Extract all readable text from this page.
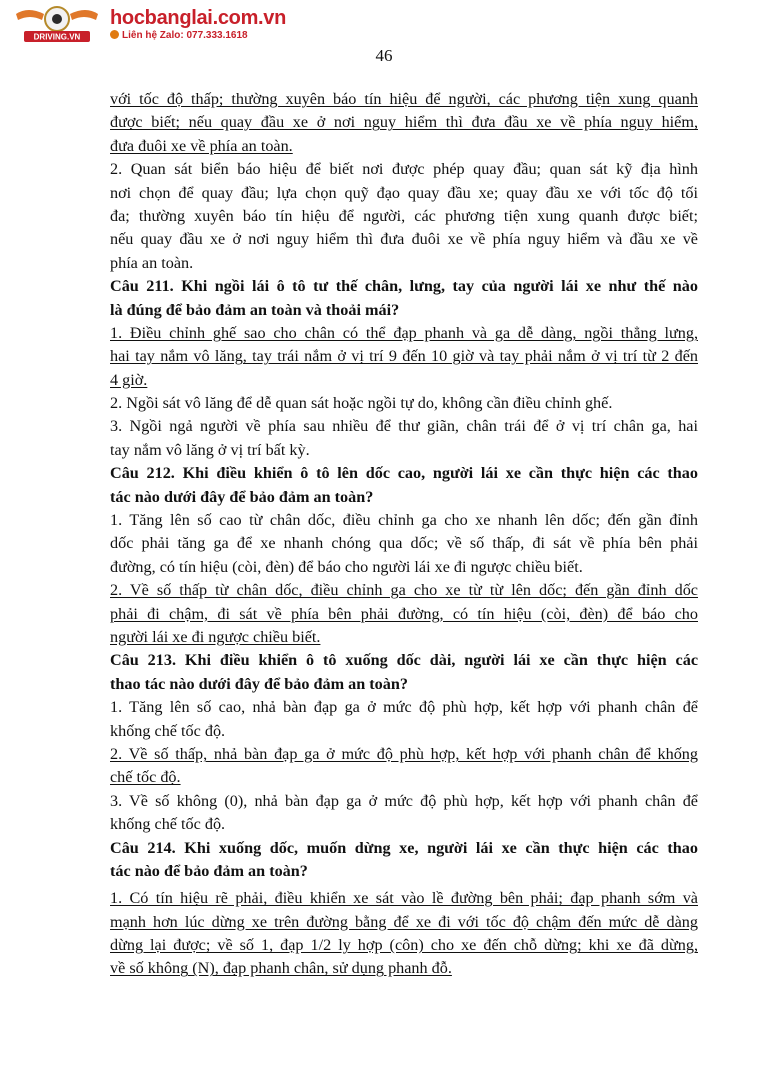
DRIVING.VN
hocbanglai.com.vn
Liên hệ Zalo: 077.333.1618
46
với tốc độ thấp; thường xuyên báo tín hiệu để người, các phương tiện xung quanh
được biết; nếu quay đầu xe ở nơi nguy hiểm thì đưa đầu xe về phía nguy hiểm,
đưa đuôi xe về phía an toàn.
2. Quan sát biển báo hiệu để biết nơi được phép quay đầu; quan sát kỹ địa hình
nơi chọn để quay đầu; lựa chọn quỹ đạo quay đầu xe; quay đầu xe với tốc độ tối
đa; thường xuyên báo tín hiệu để người, các phương tiện xung quanh được biết;
nếu quay đầu xe ở nơi nguy hiểm thì đưa đuôi xe về phía nguy hiểm và đầu xe về
phía an toàn.
Câu 211. Khi ngồi lái ô tô tư thế chân, lưng, tay của người lái xe như thế nào
là đúng để bảo đảm an toàn và thoải mái?
1. Điều chỉnh ghế sao cho chân có thể đạp phanh và ga dễ dàng, ngồi thẳng lưng,
hai tay nắm vô lăng, tay trái nắm ở vị trí 9 đến 10 giờ và tay phải nắm ở vị trí từ 2 đến
4 giờ.
2. Ngồi sát vô lăng để dễ quan sát hoặc ngồi tự do, không cần điều chỉnh ghế.
3. Ngồi ngả người về phía sau nhiều để thư giãn, chân trái để ở vị trí chân ga, hai
tay nắm vô lăng ở vị trí bất kỳ.
Câu 212. Khi điều khiển ô tô lên dốc cao, người lái xe cần thực hiện các thao
tác nào dưới đây để bảo đảm an toàn?
1. Tăng lên số cao từ chân dốc, điều chỉnh ga cho xe nhanh lên dốc; đến gần đỉnh
dốc phải tăng ga để xe nhanh chóng qua dốc; về số thấp, đi sát về phía bên phải
đường, có tín hiệu (còi, đèn) để báo cho người lái xe đi ngược chiều biết.
2. Về số thấp từ chân dốc, điều chỉnh ga cho xe từ từ lên dốc; đến gần đỉnh dốc
phải đi chậm, đi sát về phía bên phải đường, có tín hiệu (còi, đèn) để báo cho
người lái xe đi ngược chiều biết.
Câu 213. Khi điều khiển ô tô xuống dốc dài, người lái xe cần thực hiện các
thao tác nào dưới đây để bảo đảm an toàn?
1. Tăng lên số cao, nhả bàn đạp ga ở mức độ phù hợp, kết hợp với phanh chân để
khống chế tốc độ.
2. Về số thấp, nhả bàn đạp ga ở mức độ phù hợp, kết hợp với phanh chân để khống
chế tốc độ.
3. Về số không (0), nhả bàn đạp ga ở mức độ phù hợp, kết hợp với phanh chân để
khống chế tốc độ.
Câu 214. Khi xuống dốc, muốn dừng xe, người lái xe cần thực hiện các thao
tác nào để bảo đảm an toàn?
1. Có tín hiệu rẽ phải, điều khiển xe sát vào lề đường bên phải; đạp phanh sớm và
mạnh hơn lúc dừng xe trên đường bằng để xe đi với tốc độ chậm đến mức dễ dàng
dừng lại được; về số 1, đạp 1/2 ly hợp (côn) cho xe đến chỗ dừng; khi xe đã dừng,
về số không (N), đạp phanh chân, sử dụng phanh đỗ.
